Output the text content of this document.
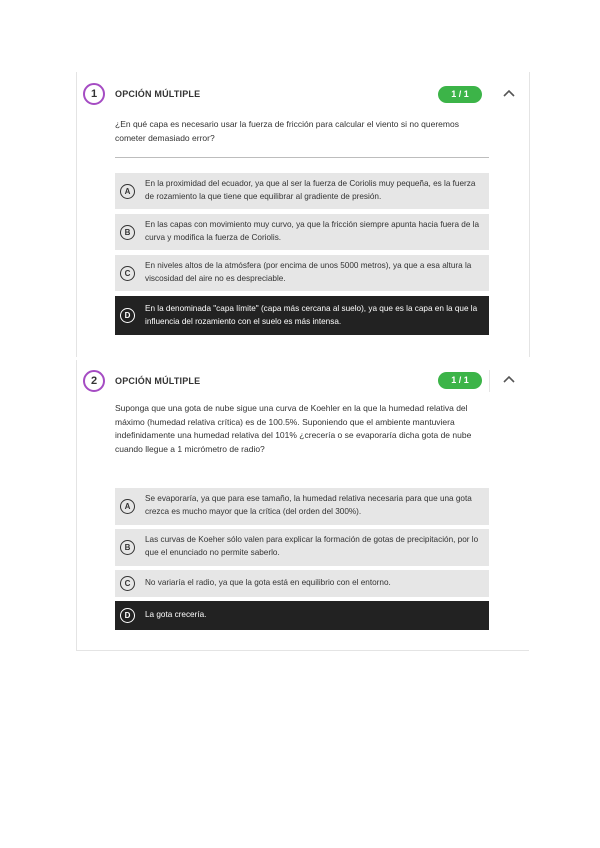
1	OPCIÓN MÚLTIPLE	1 / 1
¿En qué capa es necesario usar la fuerza de fricción para calcular el viento si no queremos cometer demasiado error?
A
En la proximidad del ecuador, ya que al ser la fuerza de Coriolis muy pequeña, es la fuerza de rozamiento la que tiene que equilibrar al gradiente de presión.
B
En las capas con movimiento muy curvo, ya que la fricción siempre apunta hacia fuera de la curva y modifica la fuerza de Coriolis.
C
En niveles altos de la atmósfera (por encima de unos 5000 metros), ya que a esa altura la viscosidad del aire no es despreciable.
D
En la denominada "capa límite" (capa más cercana al suelo), ya que es la capa en la que la influencia del rozamiento con el suelo es más intensa.
2	OPCIÓN MÚLTIPLE	1 / 1
Suponga que una gota de nube sigue una curva de Koehler en la que la humedad relativa del máximo (humedad relativa crítica) es de 100.5%. Suponiendo que el ambiente mantuviera indefinidamente una humedad relativa del 101% ¿crecería o se evaporaría dicha gota de nube cuando llegue a 1 micrómetro de radio?
A
Se evaporaría, ya que para ese tamaño, la humedad relativa necesaria para que una gota crezca es mucho mayor que la crítica (del orden del 300%).
B
Las curvas de Koeher sólo valen para explicar la formación de gotas de precipitación, por lo que el enunciado no permite saberlo.
C	No variaría el radio, ya que la gota está en equilibrio con el entorno.
D	La gota crecería.
